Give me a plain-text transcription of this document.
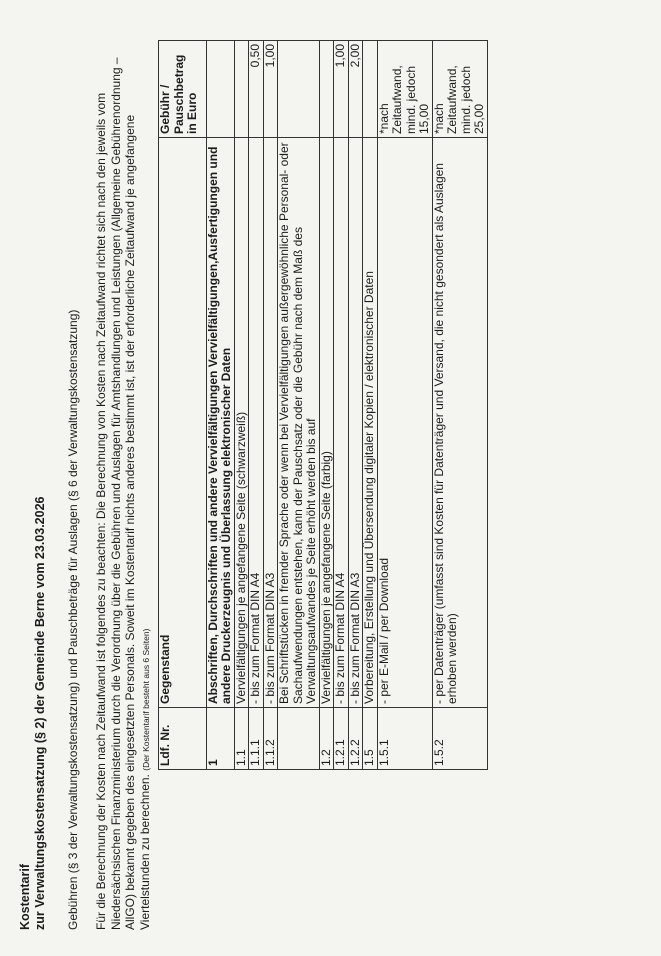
Kostentarif zur Verwaltungskostensatzung (§ 2) der Gemeinde Berne vom 23.03.2026 Gebühren (§ 3 der Verwaltungskostensatzung) und Pauschbeträge für Auslagen (§ 6 der Verwaltungskostensatzung) Für die Berechnung der Kosten nach Zeitaufwand ist folgendes zu beachten: Die Berechnung von Kosten nach Zeitaufwand richtet sich nach den jeweils vom Niedersächsischen Finanzministerium durch die Verordnung über die Gebühren und Auslagen für Amtshandlungen und Leistungen (Allgemeine Gebührenordnung – AllGO) bekannt gegeben des eingesetzten Personals. Soweit im Kostentarif nichts anderes bestimmt ist, ist der erforderliche Zeitaufwand je angefangene Viertelstunden zu berechnen. (Der Kostentarif besteht aus 6 Seiten) Ldf. Nr.	Gegenstand	Gebühr / Pauschbetrag in Euro
1	Abschriften, Durchschriften und andere Vervielfältigungen Vervielfältigungen,Ausfertigungen und andere Druckerzeugnis und Überlassung elektronischer Daten	
1.1	Vervielfältigungen je angefangene Seite (schwarzweiß)	
1.1.1	- bis zum Format DIN A4	0,50
1.1.2	- bis zum Format DIN A3	1,00
	Bei Schriftstücken in fremder Sprache oder wenn bei Vervielfältigungen außergewöhnliche Personal- oder Sachaufwendungen entstehen, kann der Pauschsatz oder die Gebühr nach dem Maß des Verwaltungsaufwandes je Seite erhöht werden bis auf	
1.2	Vervielfältigungen je angefangene Seite (farbig)	
1.2.1	- bis zum Format DIN A4	1,00
1.2.2	- bis zum Format DIN A3	2,00
1.5	Vorbereitung, Erstellung und Übersendung digitaler Kopien / elektronischer Daten	
1.5.1	- per E-Mail / per Download	*nach Zeitaufwand, mind. jedoch 15,00
1.5.2	- per Datenträger (umfasst sind Kosten für Datenträger und Versand, die nicht gesondert als Auslagen erhoben werden)	*nach Zeitaufwand, mind. jedoch 25,00
